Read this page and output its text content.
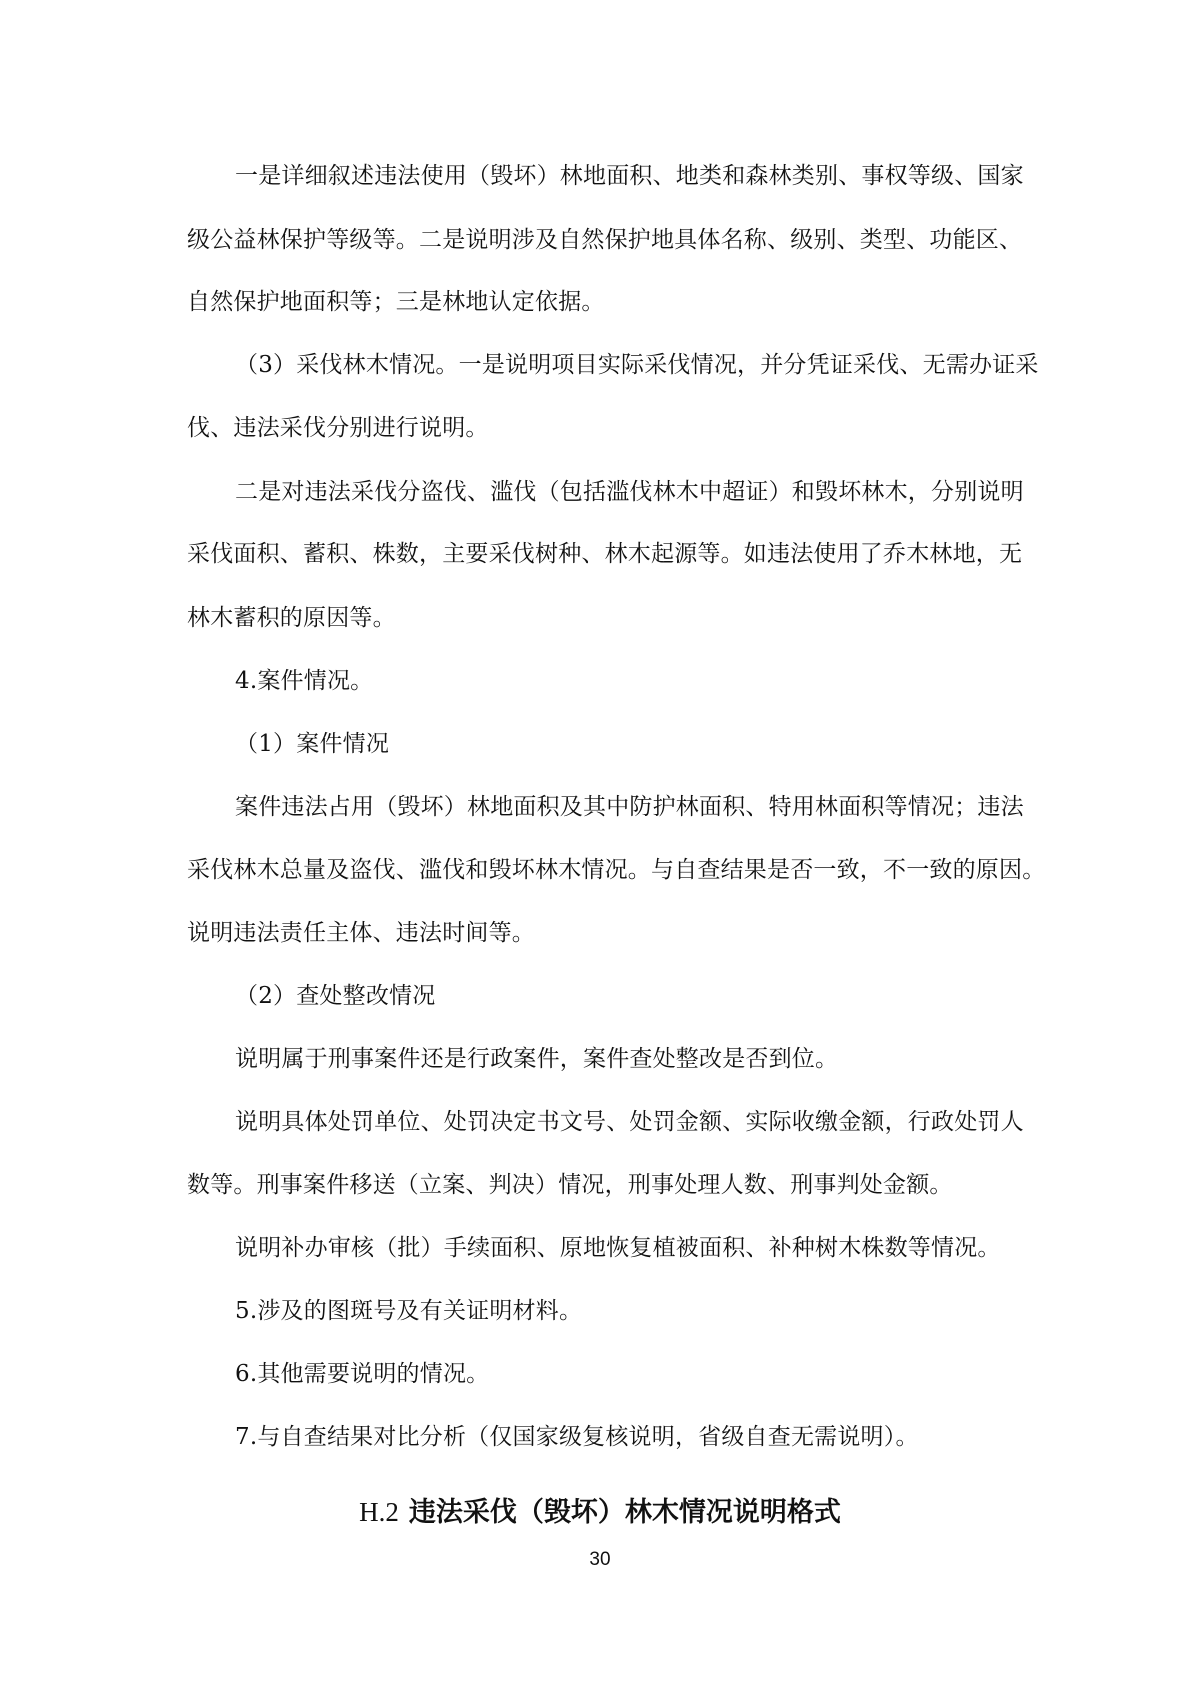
一是详细叙述违法使用（毁坏）林地面积、地类和森林类别、事权等级、国家
级公益林保护等级等。二是说明涉及自然保护地具体名称、级别、类型、功能区、
自然保护地面积等；三是林地认定依据。
（3）采伐林木情况。一是说明项目实际采伐情况，并分凭证采伐、无需办证采
伐、违法采伐分别进行说明。
二是对违法采伐分盗伐、滥伐（包括滥伐林木中超证）和毁坏林木，分别说明
采伐面积、蓄积、株数，主要采伐树种、林木起源等。如违法使用了乔木林地，无
林木蓄积的原因等。
4.案件情况。
（1）案件情况
案件违法占用（毁坏）林地面积及其中防护林面积、特用林面积等情况；违法
采伐林木总量及盗伐、滥伐和毁坏林木情况。与自查结果是否一致，不一致的原因。
说明违法责任主体、违法时间等。
（2）查处整改情况
说明属于刑事案件还是行政案件，案件查处整改是否到位。
说明具体处罚单位、处罚决定书文号、处罚金额、实际收缴金额，行政处罚人
数等。刑事案件移送（立案、判决）情况，刑事处理人数、刑事判处金额。
说明补办审核（批）手续面积、原地恢复植被面积、补种树木株数等情况。
5.涉及的图斑号及有关证明材料。
6.其他需要说明的情况。
7.与自查结果对比分析（仅国家级复核说明，省级自查无需说明）。
H.2 违法采伐（毁坏）林木情况说明格式
30
